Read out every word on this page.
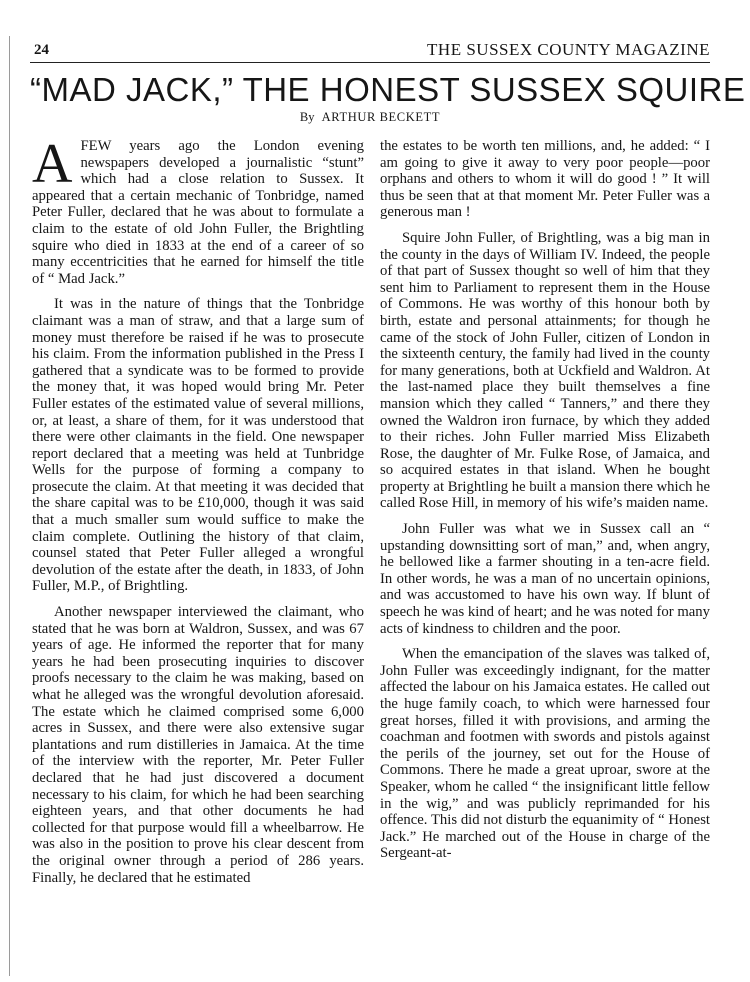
24	THE SUSSEX COUNTY MAGAZINE
“MAD JACK,” THE HONEST SUSSEX SQUIRE
By ARTHUR BECKETT

AFEW years ago the London evening newspapers developed a journalistic “stunt” which had a close relation to Sussex. It appeared that a certain mechanic of Tonbridge, named Peter Fuller, declared that he was about to formulate a claim to the estate of old John Fuller, the Brightling squire who died in 1833 at the end of a career of so many eccentricities that he earned for himself the title of “ Mad Jack.”

It was in the nature of things that the Tonbridge claimant was a man of straw, and that a large sum of money must therefore be raised if he was to prosecute his claim. From the information published in the Press I gathered that a syndicate was to be formed to provide the money that, it was hoped would bring Mr. Peter Fuller estates of the estimated value of several millions, or, at least, a share of them, for it was understood that there were other claimants in the field. One newspaper report declared that a meeting was held at Tunbridge Wells for the purpose of forming a company to prosecute the claim. At that meeting it was decided that the share capital was to be £10,000, though it was said that a much smaller sum would suffice to make the claim complete. Outlining the history of that claim, counsel stated that Peter Fuller alleged a wrongful devolution of the estate after the death, in 1833, of John Fuller, M.P., of Brightling.

Another newspaper interviewed the claimant, who stated that he was born at Waldron, Sussex, and was 67 years of age. He informed the reporter that for many years he had been prosecuting inquiries to discover proofs necessary to the claim he was making, based on what he alleged was the wrongful devolution aforesaid. The estate which he claimed comprised some 6,000 acres in Sussex, and there were also extensive sugar plantations and rum distilleries in Jamaica. At the time of the interview with the reporter, Mr. Peter Fuller declared that he had just discovered a document necessary to his claim, for which he had been searching eighteen years, and that other documents he had collected for that purpose would fill a wheelbarrow. He was also in the position to prove his clear descent from the original owner through a period of 286 years. Finally, he declared that he estimated

the estates to be worth ten millions, and, he added: “ I am going to give it away to very poor people—poor orphans and others to whom it will do good ! ” It will thus be seen that at that moment Mr. Peter Fuller was a generous man !

Squire John Fuller, of Brightling, was a big man in the county in the days of William IV. Indeed, the people of that part of Sussex thought so well of him that they sent him to Parliament to represent them in the House of Commons. He was worthy of this honour both by birth, estate and personal attainments; for though he came of the stock of John Fuller, citizen of London in the sixteenth century, the family had lived in the county for many generations, both at Uckfield and Waldron. At the last-named place they built themselves a fine mansion which they called “ Tanners,” and there they owned the Waldron iron furnace, by which they added to their riches. John Fuller married Miss Elizabeth Rose, the daughter of Mr. Fulke Rose, of Jamaica, and so acquired estates in that island. When he bought property at Brightling he built a mansion there which he called Rose Hill, in memory of his wife’s maiden name.

John Fuller was what we in Sussex call an “ upstanding downsitting sort of man,” and, when angry, he bellowed like a farmer shouting in a ten-acre field. In other words, he was a man of no uncertain opinions, and was accustomed to have his own way. If blunt of speech he was kind of heart; and he was noted for many acts of kindness to children and the poor.

When the emancipation of the slaves was talked of, John Fuller was exceedingly indignant, for the matter affected the labour on his Jamaica estates. He called out the huge family coach, to which were harnessed four great horses, filled it with provisions, and arming the coachman and footmen with swords and pistols against the perils of the journey, set out for the House of Commons. There he made a great uproar, swore at the Speaker, whom he called “ the insignificant little fellow in the wig,” and was publicly reprimanded for his offence. This did not disturb the equanimity of “ Honest Jack.” He marched out of the House in charge of the Sergeant-at-
